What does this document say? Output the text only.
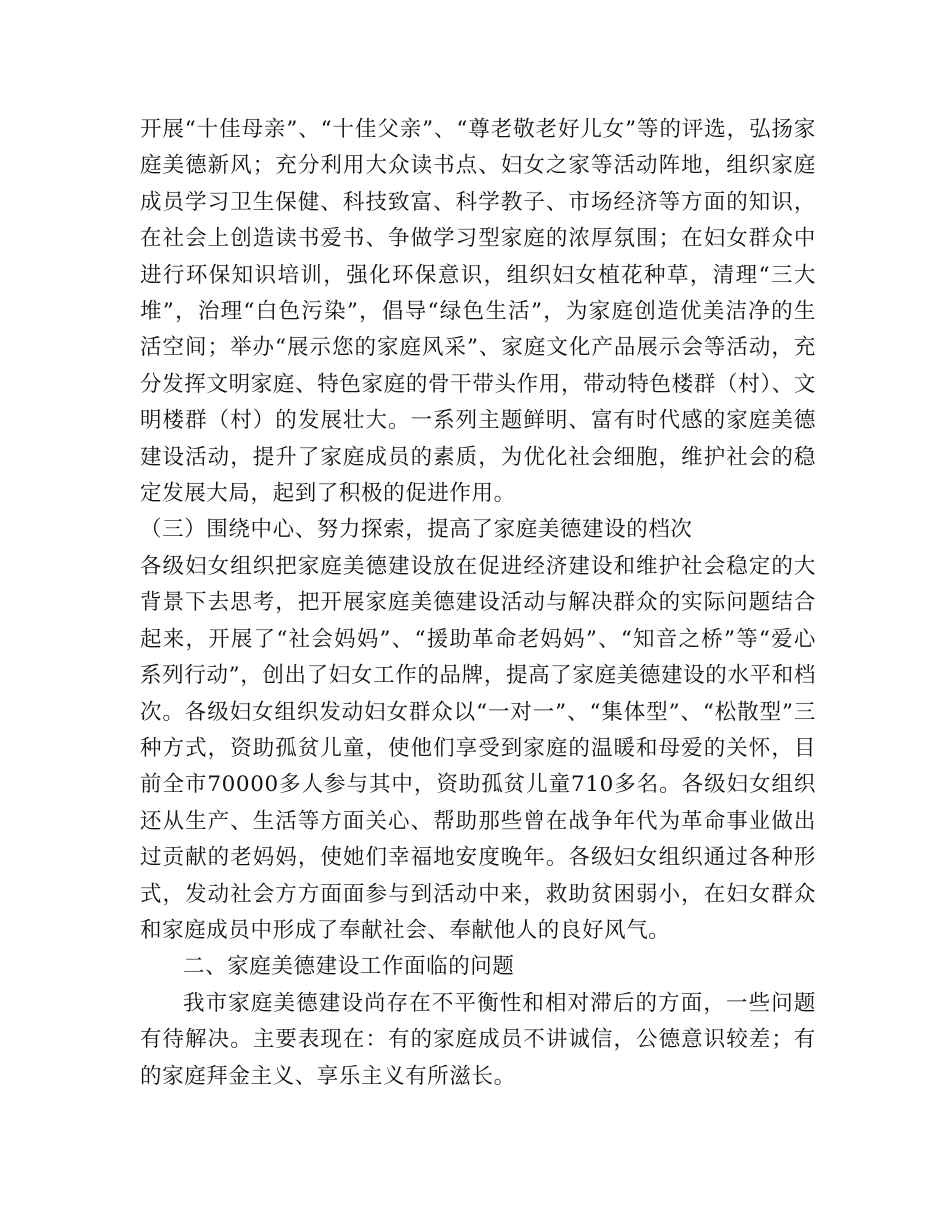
开展“十佳母亲”、“十佳父亲”、“尊老敬老好儿女”等的评选，弘扬家庭美德新风；充分利用大众读书点、妇女之家等活动阵地，组织家庭成员学习卫生保健、科技致富、科学教子、市场经济等方面的知识，在社会上创造读书爱书、争做学习型家庭的浓厚氛围；在妇女群众中进行环保知识培训，强化环保意识，组织妇女植花种草，清理“三大堆”，治理“白色污染”，倡导“绿色生活”，为家庭创造优美洁净的生活空间；举办“展示您的家庭风采”、家庭文化产品展示会等活动，充分发挥文明家庭、特色家庭的骨干带头作用，带动特色楼群（村）、文明楼群（村）的发展壮大。一系列主题鲜明、富有时代感的家庭美德建设活动，提升了家庭成员的素质，为优化社会细胞，维护社会的稳定发展大局，起到了积极的促进作用。

（三）围绕中心、努力探索，提高了家庭美德建设的档次

各级妇女组织把家庭美德建设放在促进经济建设和维护社会稳定的大背景下去思考，把开展家庭美德建设活动与解决群众的实际问题结合起来，开展了“社会妈妈”、“援助革命老妈妈”、“知音之桥”等“爱心系列行动”，创出了妇女工作的品牌，提高了家庭美德建设的水平和档次。各级妇女组织发动妇女群众以“一对一”、“集体型”、“松散型”三种方式，资助孤贫儿童，使他们享受到家庭的温暖和母爱的关怀，目前全市70000多人参与其中，资助孤贫儿童710多名。各级妇女组织还从生产、生活等方面关心、帮助那些曾在战争年代为革命事业做出过贡献的老妈妈，使她们幸福地安度晚年。各级妇女组织通过各种形式，发动社会方方面面参与到活动中来，救助贫困弱小，在妇女群众和家庭成员中形成了奉献社会、奉献他人的良好风气。

二、家庭美德建设工作面临的问题

我市家庭美德建设尚存在不平衡性和相对滞后的方面，一些问题有待解决。主要表现在：有的家庭成员不讲诚信，公德意识较差；有的家庭拜金主义、享乐主义有所滋长。
